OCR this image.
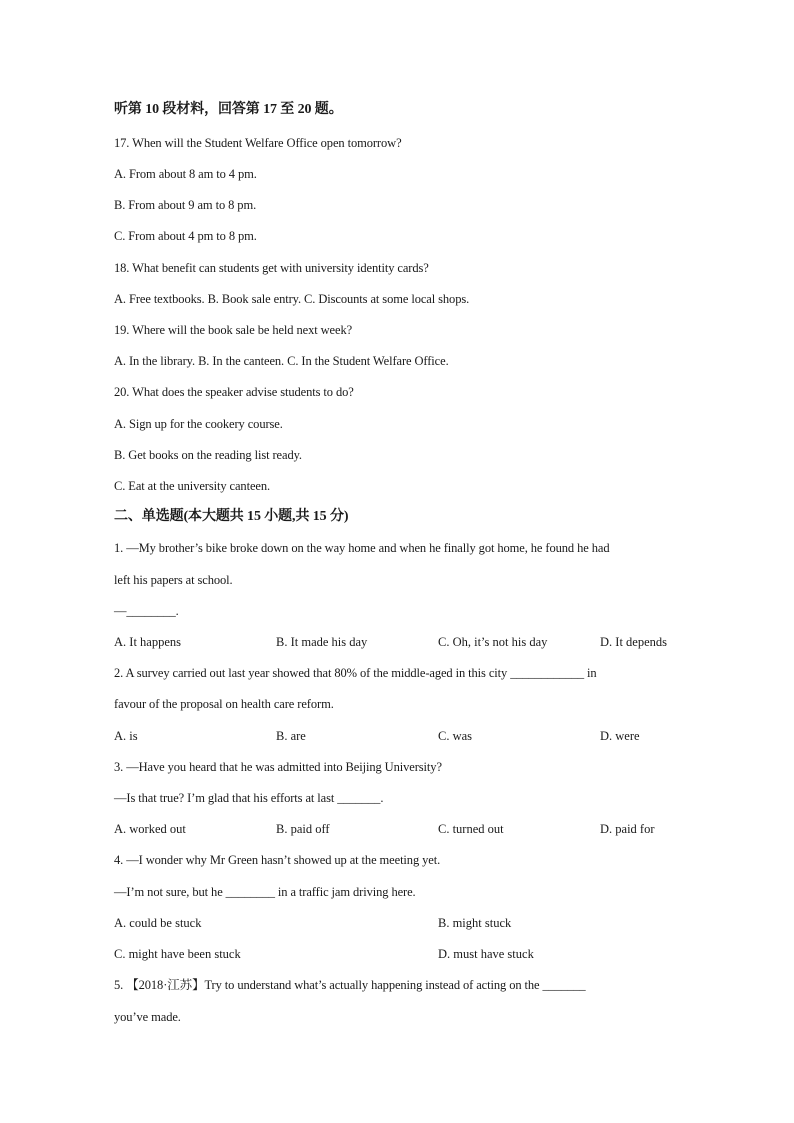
听第 10 段材料，回答第 17 至 20 题。
17. When will the Student Welfare Office open tomorrow?
A. From about 8 am to 4 pm.
B. From about 9 am to 8 pm.
C. From about 4 pm to 8 pm.
18. What benefit can students get with university identity cards?
A. Free textbooks. B. Book sale entry. C. Discounts at some local shops.
19. Where will the book sale be held next week?
A. In the library. B. In the canteen. C. In the Student Welfare Office.
20. What does the speaker advise students to do?
A. Sign up for the cookery course.
B. Get books on the reading list ready.
C. Eat at the university canteen.
二、单选题(本大题共 15 小题,共 15 分)
1. —My brother’s bike broke down on the way home and when he finally got home, he found he had
left his papers at school.
—________.
A. It happens	B. It made his day	C. Oh, it’s not his day	D. It depends
2. A survey carried out last year showed that 80% of the middle-aged in this city ____________ in
favour of the proposal on health care reform.
A. is	B. are	C. was	D. were
3. —Have you heard that he was admitted into Beijing University?
—Is that true? I’m glad that his efforts at last _______.
A. worked out	B. paid off	C. turned out	D. paid for
4. —I wonder why Mr Green hasn’t showed up at the meeting yet.
—I’m not sure, but he ________ in a traffic jam driving here.
A. could be stuck	B. might stuck
C. might have been stuck	D. must have stuck
5. 【2018·江苏】Try to understand what’s actually happening instead of acting on the _______
you’ve made.
